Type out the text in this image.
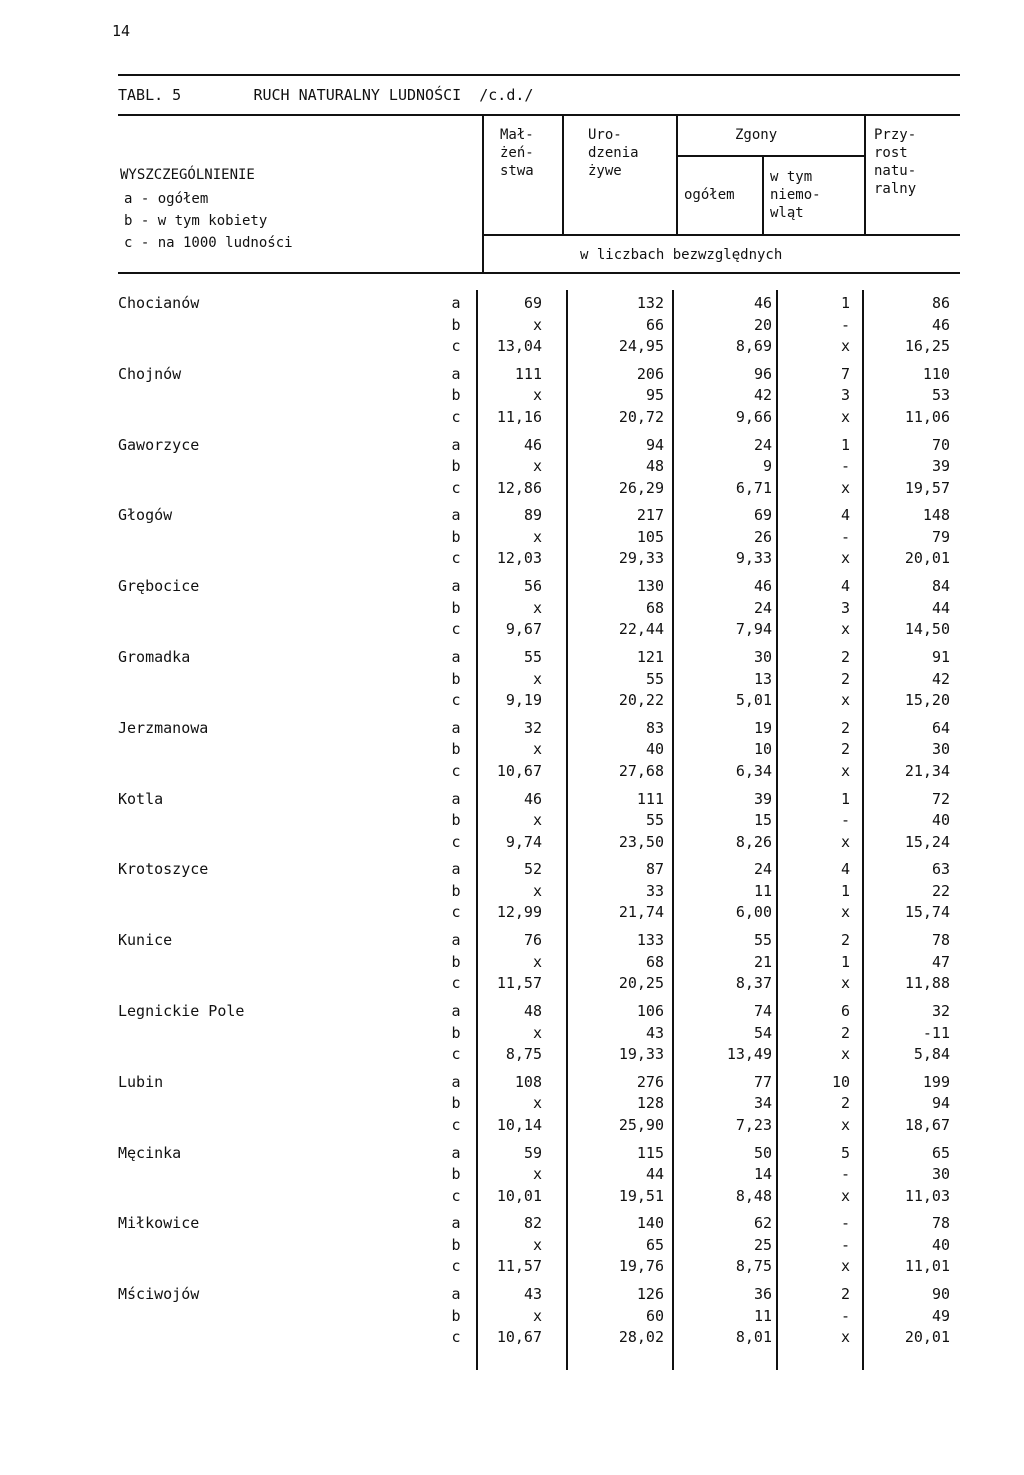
14
TABL. 5        RUCH NATURALNY LUDNOŚCI  /c.d./
WYSZCZEGÓLNIENIE
a - ogółem
b - w tym kobiety
c - na 1000 ludności
Mał-
żeń-
stwa
Uro-
dzenia
żywe
Zgony
ogółem
w tym
niemo-
wląt
Przy-
rost
natu-
ralny
w liczbach bezwzględnych
Chocianów	a	69	132	46	1	86
b	x	66	20	-	46
c	13,04	24,95	8,69	x	16,25
Chojnów	a	111	206	96	7	110
b	x	95	42	3	53
c	11,16	20,72	9,66	x	11,06
Gaworzyce	a	46	94	24	1	70
b	x	48	9	-	39
c	12,86	26,29	6,71	x	19,57
Głogów	a	89	217	69	4	148
b	x	105	26	-	79
c	12,03	29,33	9,33	x	20,01
Grębocice	a	56	130	46	4	84
b	x	68	24	3	44
c	9,67	22,44	7,94	x	14,50
Gromadka	a	55	121	30	2	91
b	x	55	13	2	42
c	9,19	20,22	5,01	x	15,20
Jerzmanowa	a	32	83	19	2	64
b	x	40	10	2	30
c	10,67	27,68	6,34	x	21,34
Kotla	a	46	111	39	1	72
b	x	55	15	-	40
c	9,74	23,50	8,26	x	15,24
Krotoszyce	a	52	87	24	4	63
b	x	33	11	1	22
c	12,99	21,74	6,00	x	15,74
Kunice	a	76	133	55	2	78
b	x	68	21	1	47
c	11,57	20,25	8,37	x	11,88
Legnickie Pole	a	48	106	74	6	32
b	x	43	54	2	-11
c	8,75	19,33	13,49	x	5,84
Lubin	a	108	276	77	10	199
b	x	128	34	2	94
c	10,14	25,90	7,23	x	18,67
Męcinka	a	59	115	50	5	65
b	x	44	14	-	30
c	10,01	19,51	8,48	x	11,03
Miłkowice	a	82	140	62	-	78
b	x	65	25	-	40
c	11,57	19,76	8,75	x	11,01
Mściwojów	a	43	126	36	2	90
b	x	60	11	-	49
c	10,67	28,02	8,01	x	20,01
